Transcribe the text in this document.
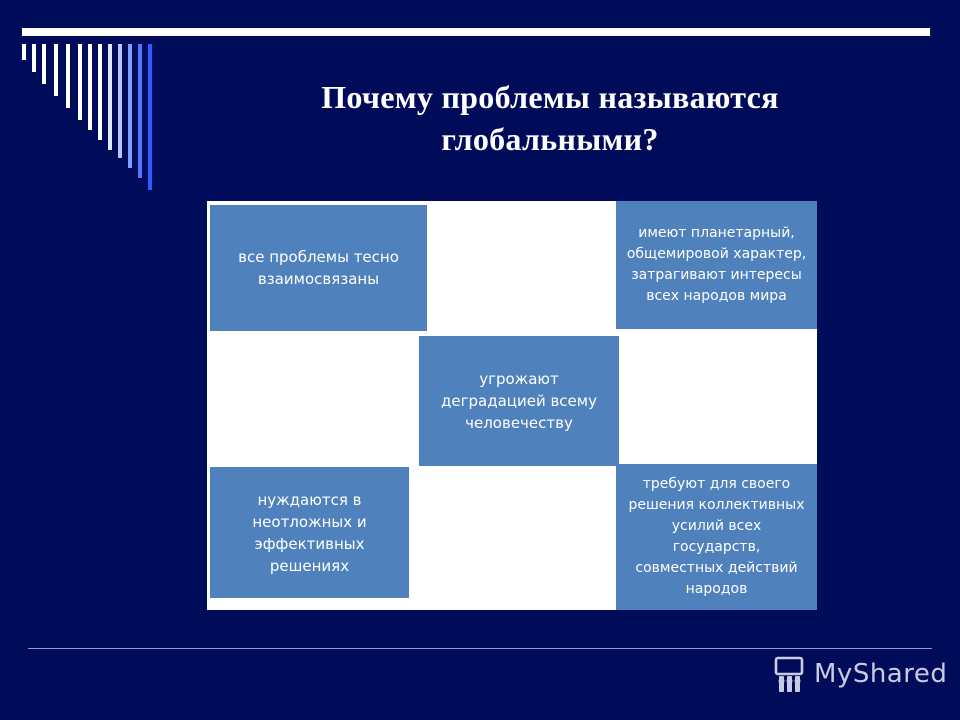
Почему проблемы называются
глобальными?
все проблемы тесно
взаимосвязаны
имеют планетарный,
общемировой характер,
затрагивают интересы
всех народов мира
угрожают
деградацией всему
человечеству
нуждаются в
неотложных и
эффективных
решениях
требуют для своего
решения коллективных
усилий всех государств,
совместных действий
народов
MyShared
